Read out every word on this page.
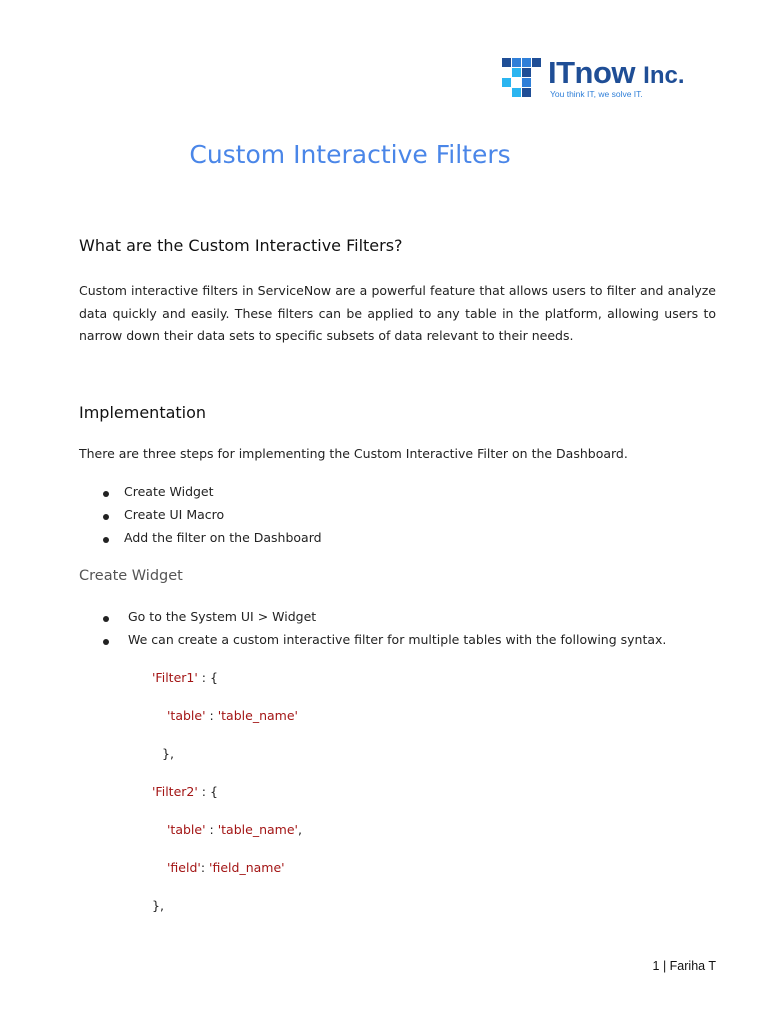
ITnow Inc.
You think IT, we solve IT.
Custom Interactive Filters
What are the Custom Interactive Filters?
Custom interactive filters in ServiceNow are a powerful feature that allows users to filter and analyze data quickly and easily. These filters can be applied to any table in the platform, allowing users to narrow down their data sets to specific subsets of data relevant to their needs.
Implementation
There are three steps for implementing the Custom Interactive Filter on the Dashboard.
Create Widget
Create UI Macro
Add the filter on the Dashboard
Create Widget
Go to the System UI > Widget
We can create a custom interactive filter for multiple tables with the following syntax.
'Filter1' : {
'table' : 'table_name'
},
'Filter2' : {
'table' : 'table_name',
'field': 'field_name'
},
1 | Fariha T
